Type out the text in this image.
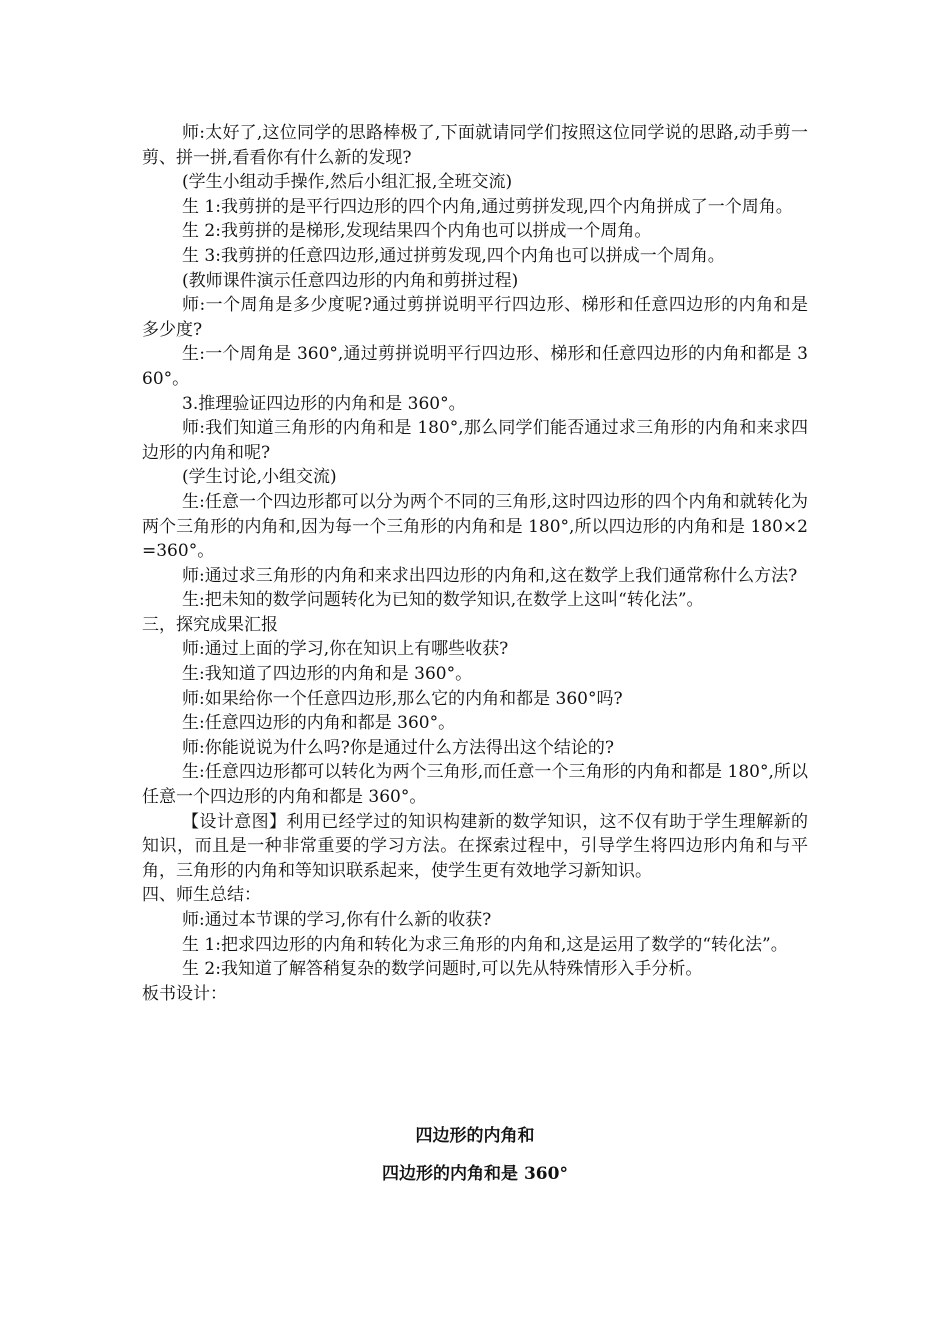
师:太好了,这位同学的思路棒极了,下面就请同学们按照这位同学说的思路,动手剪一剪、拼一拼,看看你有什么新的发现?

(学生小组动手操作,然后小组汇报,全班交流)

生 1:我剪拼的是平行四边形的四个内角,通过剪拼发现,四个内角拼成了一个周角。

生 2:我剪拼的是梯形,发现结果四个内角也可以拼成一个周角。

生 3:我剪拼的任意四边形,通过拼剪发现,四个内角也可以拼成一个周角。

(教师课件演示任意四边形的内角和剪拼过程)

师:一个周角是多少度呢?通过剪拼说明平行四边形、梯形和任意四边形的内角和是多少度?

生:一个周角是 360°,通过剪拼说明平行四边形、梯形和任意四边形的内角和都是 360°。

3.推理验证四边形的内角和是 360°。

师:我们知道三角形的内角和是 180°,那么同学们能否通过求三角形的内角和来求四边形的内角和呢?

(学生讨论,小组交流)

生:任意一个四边形都可以分为两个不同的三角形,这时四边形的四个内角和就转化为两个三角形的内角和,因为每一个三角形的内角和是 180°,所以四边形的内角和是 180×2=360°。

师:通过求三角形的内角和来求出四边形的内角和,这在数学上我们通常称什么方法?

生:把未知的数学问题转化为已知的数学知识,在数学上这叫“转化法”。

三，探究成果汇报

师:通过上面的学习,你在知识上有哪些收获?

生:我知道了四边形的内角和是 360°。

师:如果给你一个任意四边形,那么它的内角和都是 360°吗?

生:任意四边形的内角和都是 360°。

师:你能说说为什么吗?你是通过什么方法得出这个结论的?

生:任意四边形都可以转化为两个三角形,而任意一个三角形的内角和都是 180°,所以任意一个四边形的内角和都是 360°。

【设计意图】利用已经学过的知识构建新的数学知识，这不仅有助于学生理解新的知识，而且是一种非常重要的学习方法。在探索过程中，引导学生将四边形内角和与平角，三角形的内角和等知识联系起来，使学生更有效地学习新知识。

四、师生总结：

师:通过本节课的学习,你有什么新的收获?

生 1:把求四边形的内角和转化为求三角形的内角和,这是运用了数学的“转化法”。

生 2:我知道了解答稍复杂的数学问题时,可以先从特殊情形入手分析。

板书设计：

四边形的内角和

四边形的内角和是 360°
